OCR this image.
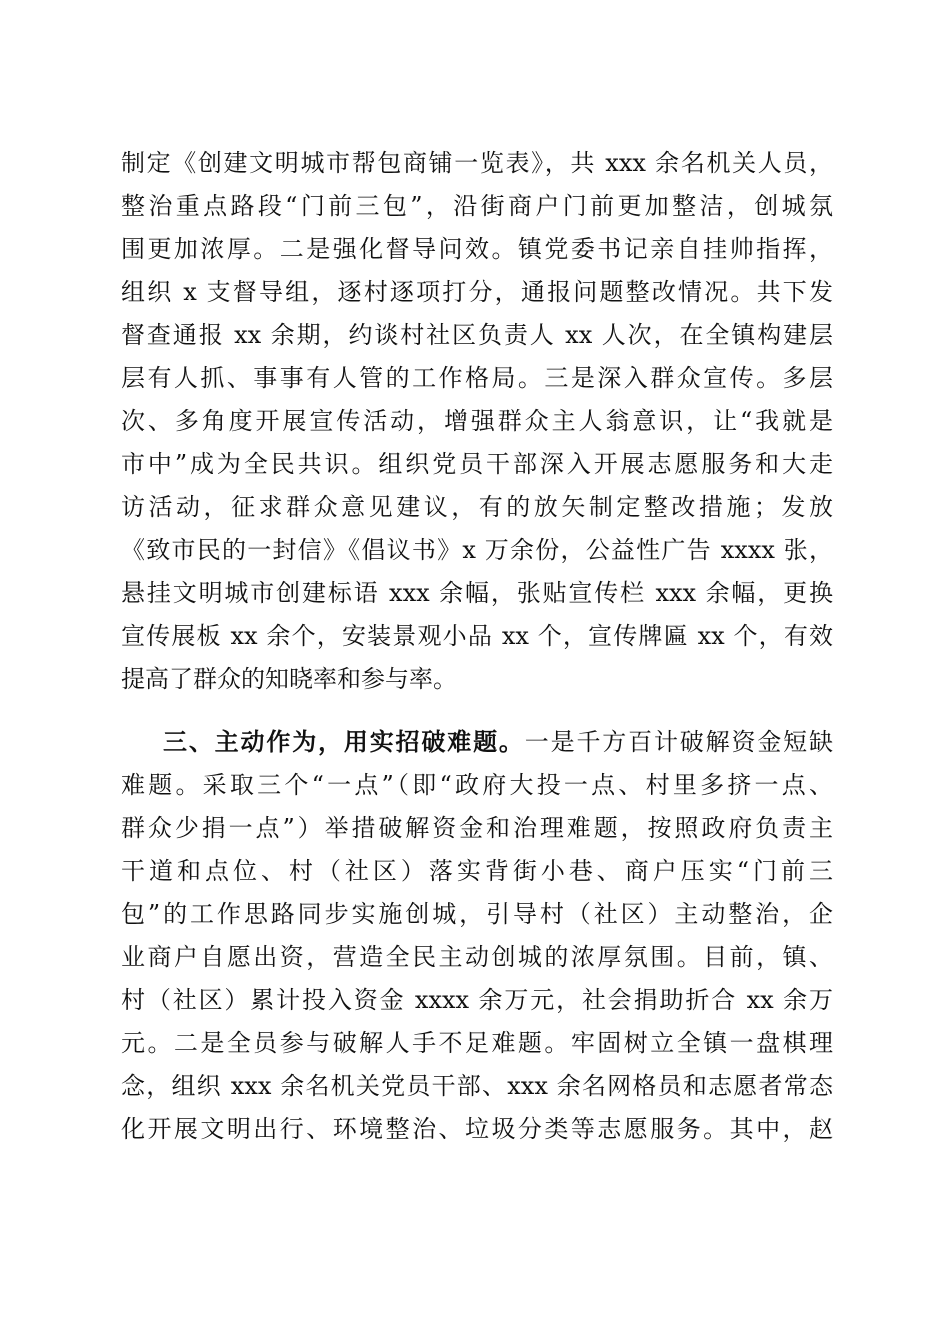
制定《创建文明城市帮包商铺一览表》，共 xxx 余名机关人员，
整治重点路段“门前三包”，沿街商户门前更加整洁，创城氛
围更加浓厚。二是强化督导问效。镇党委书记亲自挂帅指挥，
组织 x 支督导组，逐村逐项打分，通报问题整改情况。共下发
督查通报 xx 余期，约谈村社区负责人 xx 人次，在全镇构建层
层有人抓、事事有人管的工作格局。三是深入群众宣传。多层
次、多角度开展宣传活动，增强群众主人翁意识，让“我就是
市中”成为全民共识。组织党员干部深入开展志愿服务和大走
访活动，征求群众意见建议，有的放矢制定整改措施；发放
《致市民的一封信》《倡议书》x 万余份，公益性广告 xxxx 张，
悬挂文明城市创建标语 xxx 余幅，张贴宣传栏 xxx 余幅，更换
宣传展板 xx 余个，安装景观小品 xx 个，宣传牌匾 xx 个，有效
提高了群众的知晓率和参与率。
三、主动作为，用实招破难题。一是千方百计破解资金短缺
难题。采取三个“一点”（即“政府大投一点、村里多挤一点、
群众少捐一点”）举措破解资金和治理难题，按照政府负责主
干道和点位、村（社区）落实背街小巷、商户压实“门前三
包”的工作思路同步实施创城，引导村（社区）主动整治，企
业商户自愿出资，营造全民主动创城的浓厚氛围。目前，镇、
村（社区）累计投入资金 xxxx 余万元，社会捐助折合 xx 余万
元。二是全员参与破解人手不足难题。牢固树立全镇一盘棋理
念，组织 xxx 余名机关党员干部、xxx 余名网格员和志愿者常态
化开展文明出行、环境整治、垃圾分类等志愿服务。其中，赵
